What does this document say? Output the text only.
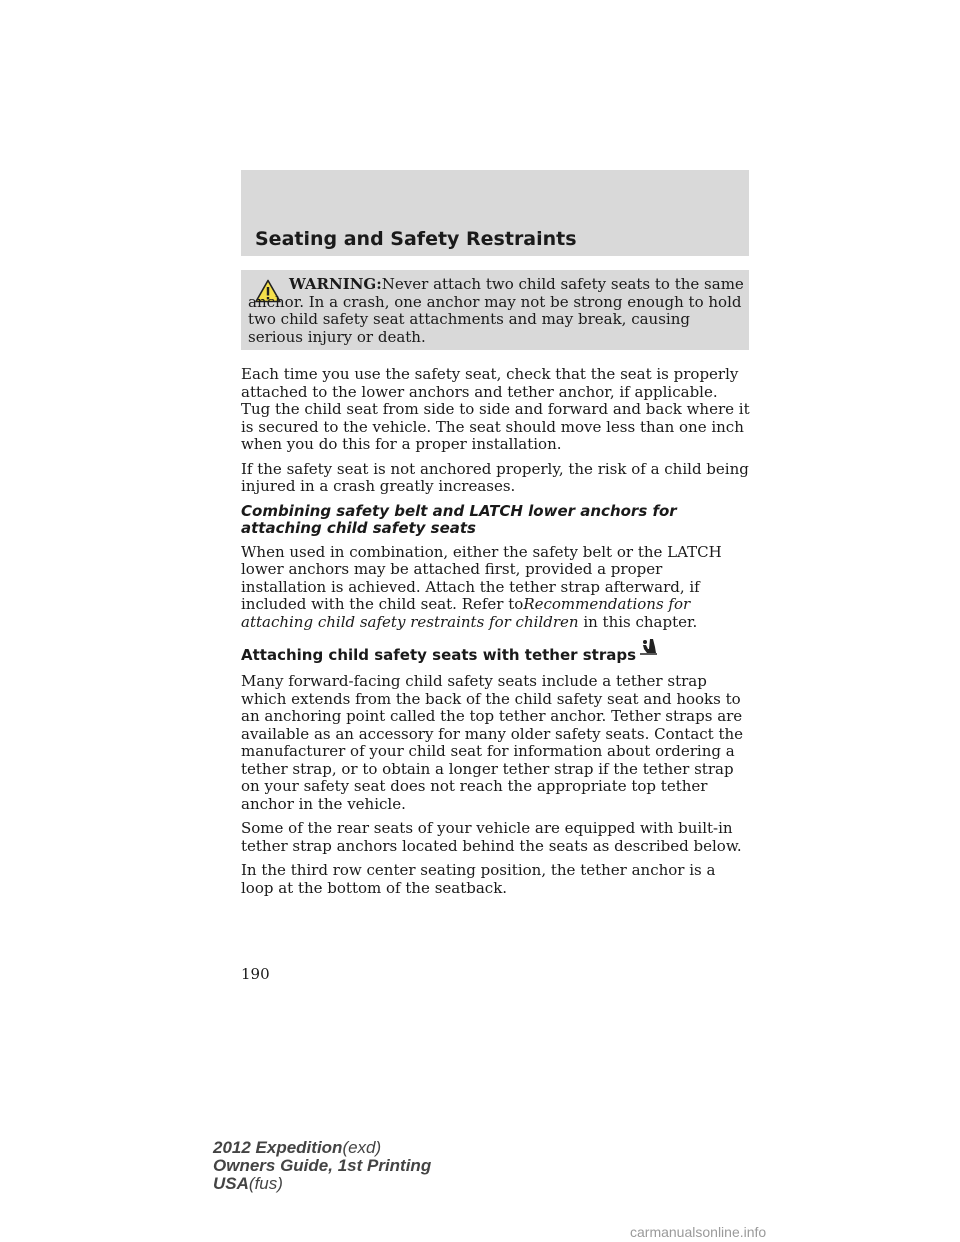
Seating and Safety Restraints
WARNING:Never attach two child safety seats to the same anchor. In a crash, one anchor may not be strong enough to hold two child safety seat attachments and may break, causing serious injury or death.

Each time you use the safety seat, check that the seat is properly attached to the lower anchors and tether anchor, if applicable. Tug the child seat from side to side and forward and back where it is secured to the vehicle. The seat should move less than one inch when you do this for a proper installation.

If the safety seat is not anchored properly, the risk of a child being injured in a crash greatly increases.

Combining safety belt and LATCH lower anchors for attaching child safety seats

When used in combination, either the safety belt or the LATCH lower anchors may be attached first, provided a proper installation is achieved. Attach the tether strap afterward, if included with the child seat. Refer toRecommendations for attaching child safety restraints for children in this chapter.

Attaching child safety seats with tether straps

Many forward-facing child safety seats include a tether strap which extends from the back of the child safety seat and hooks to an anchoring point called the top tether anchor. Tether straps are available as an accessory for many older safety seats. Contact the manufacturer of your child seat for information about ordering a tether strap, or to obtain a longer tether strap if the tether strap on your safety seat does not reach the appropriate top tether anchor in the vehicle.

Some of the rear seats of your vehicle are equipped with built-in tether strap anchors located behind the seats as described below.

In the third row center seating position, the tether anchor is a loop at the bottom of the seatback.

190
2012 Expedition(exd)
Owners Guide, 1st Printing
USA(fus)
carmanualsonline.info
